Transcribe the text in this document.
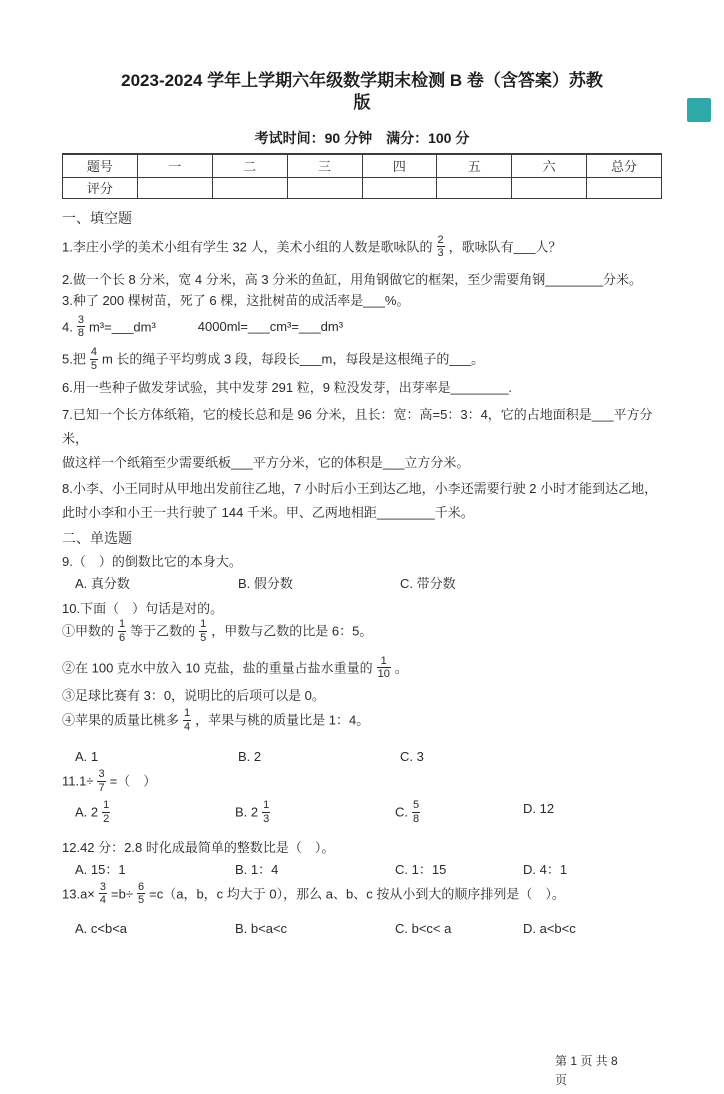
2023-2024 学年上学期六年级数学期末检测 B 卷（含答案）苏教
版
考试时间：90 分钟　满分：100 分
题号	一	二	三	四	五	六	总分
评分							
一、填空题
1.李庄小学的美术小组有学生 32 人，美术小组的人数是歌咏队的 $\frac{2}{3}$ ，歌咏队有___人？
2.做一个长 8 分米，宽 4 分米，高 3 分米的鱼缸，用角钢做它的框架，至少需要角钢________分米。
3.种了 200 棵树苗，死了 6 棵，这批树苗的成活率是___%。
4. $\frac{3}{8}$ m³=___dm³	4000ml=___cm³=___dm³
5.把 $\frac{4}{5}$ m 长的绳子平均剪成 3 段，每段长___m，每段是这根绳子的___。
6.用一些种子做发芽试验，其中发芽 291 粒，9 粒没发芽，出芽率是________.
7.已知一个长方体纸箱，它的棱长总和是 96 分米，且长：宽：高=5：3：4，它的占地面积是___平方分米，
做这样一个纸箱至少需要纸板___平方分米，它的体积是___立方分米。
8.小李、小王同时从甲地出发前往乙地，7 小时后小王到达乙地，小李还需要行驶 2 小时才能到达乙地，
此时小李和小王一共行驶了 144 千米。甲、乙两地相距________千米。
二、单选题
9.（　）的倒数比它的本身大。
A. 真分数	B. 假分数	C. 带分数
10.下面（　）句话是对的。
①甲数的 $\frac{1}{6}$ 等于乙数的 $\frac{1}{5}$ ，甲数与乙数的比是 6：5。
②在 100 克水中放入 10 克盐，盐的重量占盐水重量的 $\frac{1}{10}$ 。
③足球比赛有 3：0，说明比的后项可以是 0。
④苹果的质量比桃多 $\frac{1}{4}$ ，苹果与桃的质量比是 1：4。
A. 1	B. 2	C. 3
$11.1\div \frac{3}{7}$ =（　）
A. $2 \frac{1}{2}$	B. $2 \frac{1}{3}$	C. $\frac{5}{8}$	D. 12
12.42 分：2.8 时化成最简单的整数比是（　）。
A. 15：1	B. 1：4	C. 1：15	D. 4：1
$13.a\times \frac{3}{4} =b\div \frac{6}{5} =c(a$，b，c 均大于 0），那么 a、b、c 按从小到大的顺序排列是（　）。
A. c<b<a	B. b<a<c	C. b<c< a	D. a<b<c
第 1 页 共 8
页
